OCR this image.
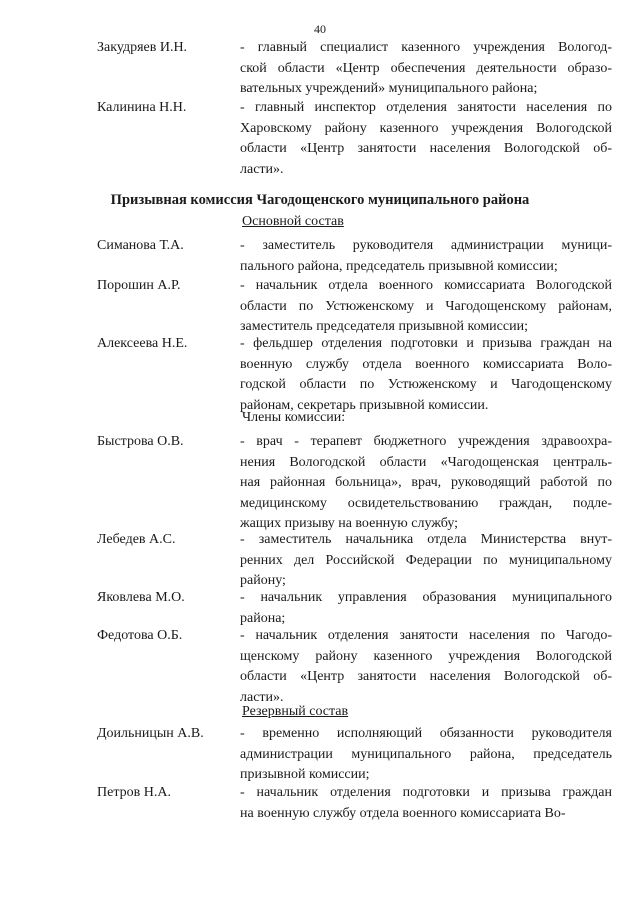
40
Закудряев И.Н.	- главный специалист казенного учреждения Вологод-
ской области «Центр обеспечения деятельности образо-
вательных учреждений» муниципального района;
Калинина Н.Н.	- главный инспектор отделения занятости населения по
Харовскому району казенного учреждения Вологодской
области «Центр занятости населения Вологодской об-
ласти».
Симанова Т.А.	- заместитель руководителя администрации муници-
пального района, председатель призывной комиссии;
Порошин А.Р.	- начальник отдела военного комиссариата Вологодской
области по Устюженскому и Чагодощенскому районам,
заместитель председателя призывной комиссии;
Алексеева Н.Е.	- фельдшер отделения подготовки и призыва граждан на
военную службу отдела военного комиссариата Воло-
годской области по Устюженскому и Чагодощенскому
районам, секретарь призывной комиссии.
Быстрова О.В.	- врач - терапевт бюджетного учреждения здравоохра-
нения Вологодской области «Чагодощенская централь-
ная районная больница», врач, руководящий работой по
медицинскому освидетельствованию граждан, подле-
жащих призыву на военную службу;
Лебедев А.С.	- заместитель начальника отдела Министерства внут-
ренних дел Российской Федерации по муниципальному
району;
Яковлева М.О.	- начальник управления образования муниципального
района;
Федотова О.Б.	- начальник отделения занятости населения по Чагодо-
щенскому району казенного учреждения Вологодской
области «Центр занятости населения Вологодской об-
ласти».
Доильницын А.В.	- временно исполняющий обязанности руководителя
администрации муниципального района, председатель
призывной комиссии;
Петров Н.А.	- начальник отделения подготовки и призыва граждан
на военную службу отдела военного комиссариата Во-
Призывная комиссия Чагодощенского муниципального района
Основной состав
Члены комиссии:
Резервный состав
